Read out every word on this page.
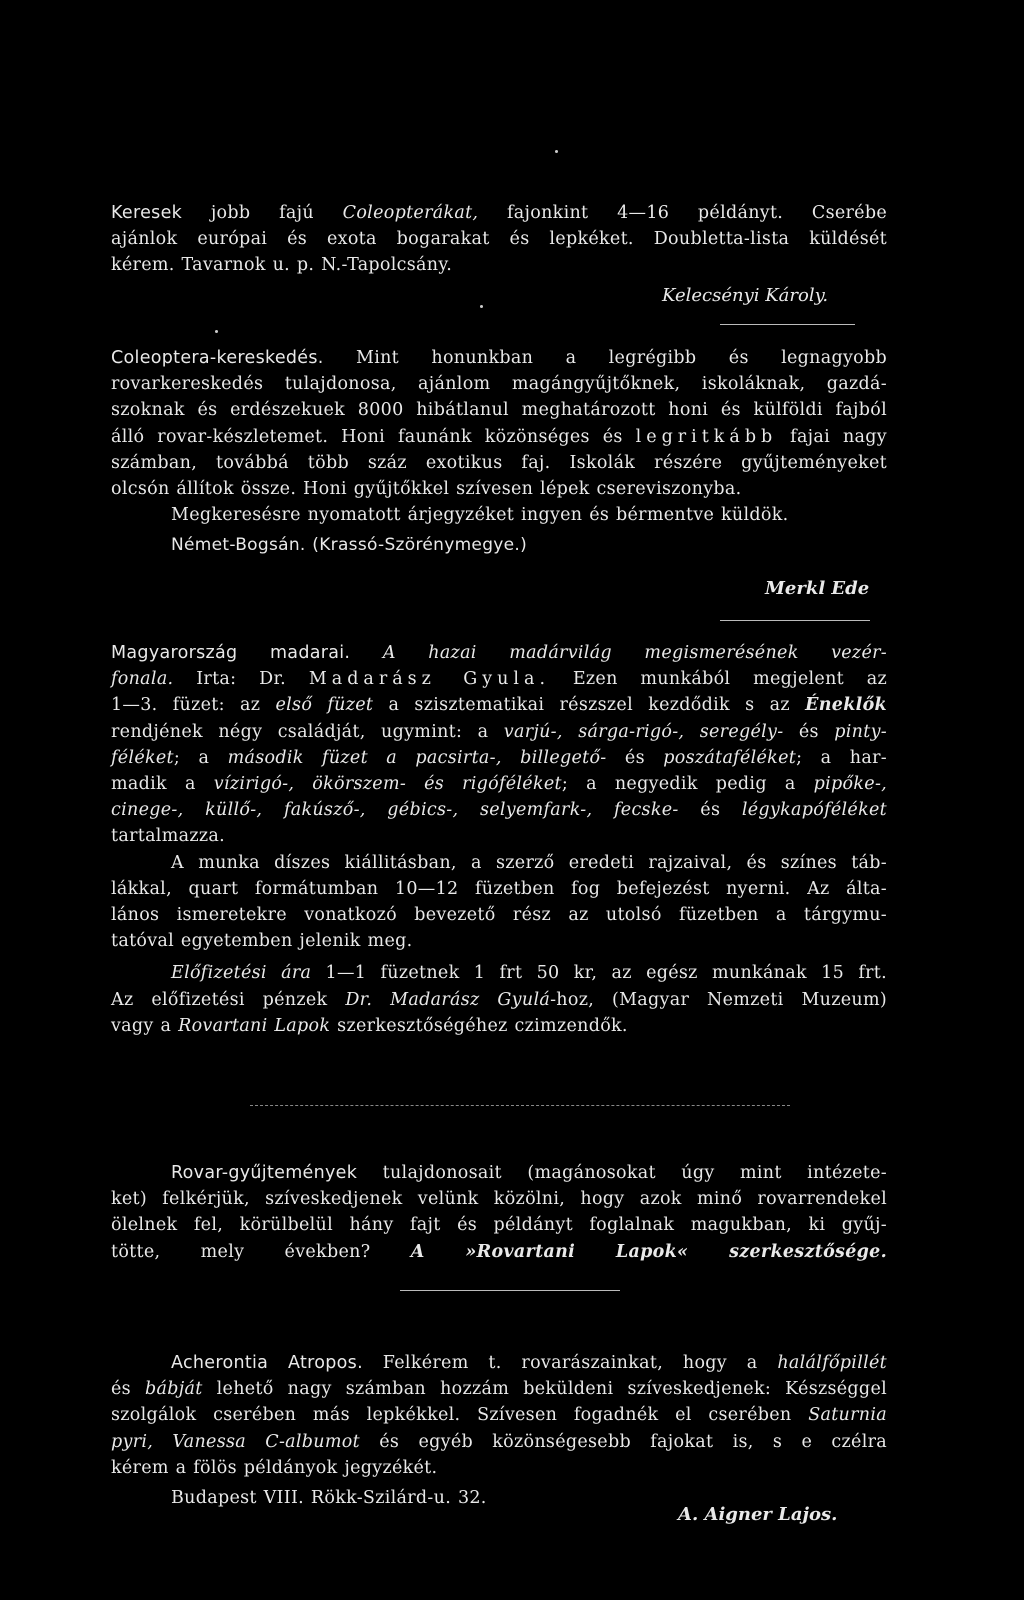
Keresek jobb fajú Coleopterákat, fajonkint 4—16 példányt. Cserébe

ajánlok európai és exota bogarakat és lepkéket. Doubletta-lista küldését

kérem. Tavarnok u. p. N.-Tapolcsány.

Kelecsényi Károly.

Coleoptera-kereskedés. Mint honunkban a legrégibb és legnagyobb

rovarkereskedés tulajdonosa, ajánlom magángyűjtőknek, iskoláknak, gazdá-

szoknak és erdészekuek 8000 hibátlanul meghatározott honi és külföldi fajból

álló rovar-készletemet. Honi faunánk közönséges és legritkább fajai nagy

számban, továbbá több száz exotikus faj. Iskolák részére gyűjteményeket

olcsón állítok össze. Honi gyűjtőkkel szívesen lépek csereviszonyba.

Megkeresésre nyomatott árjegyzéket ingyen és bérmentve küldök.

Német-Bogsán. (Krassó-Szörénymegye.)

Merkl Ede

Magyarország madarai. A hazai madárvilág megismerésének vezér-

fonala. Irta: Dr. Madarász Gyula. Ezen munkából megjelent az

1—3. füzet: az első füzet a szisztematikai részszel kezdődik s az Éneklők

rendjének négy családját, ugymint: a varjú-, sárga-rigó-, seregély- és pinty-

féléket; a második füzet a pacsirta-, billegető- és poszátaféléket; a har-

madik a vízirigó-, ökörszem- és rigóféléket; a negyedik pedig a pipőke-,

cinege-, küllő-, fakúsző-, gébics-, selyemfark-, fecske- és légykapóféléket

tartalmazza.

A munka díszes kiállitásban, a szerző eredeti rajzaival, és színes táb-

lákkal, quart formátumban 10—12 füzetben fog befejezést nyerni. Az álta-

lános ismeretekre vonatkozó bevezető rész az utolsó füzetben a tárgymu-

tatóval egyetemben jelenik meg.

Előfizetési ára 1—1 füzetnek 1 frt 50 kr, az egész munkának 15 frt.

Az előfizetési pénzek Dr. Madarász Gyulá-hoz, (Magyar Nemzeti Muzeum)

vagy a Rovartani Lapok szerkesztőségéhez czimzendők.

Rovar-gyűjtemények tulajdonosait (magánosokat úgy mint intézete-

ket) felkérjük, szíveskedjenek velünk közölni, hogy azok minő rovarrendekel

ölelnek fel, körülbelül hány fajt és példányt foglalnak magukban, ki gyűj-

tötte, mely években? A »Rovartani Lapok« szerkesztősége.

Acherontia Atropos. Felkérem t. rovarászainkat, hogy a halálfőpillét

és bábját lehető nagy számban hozzám beküldeni szíveskedjenek: Készséggel

szolgálok cserében más lepkékkel. Szívesen fogadnék el cserében Saturnia

pyri, Vanessa C-albumot és egyéb közönségesebb fajokat is, s e czélra

kérem a fölös példányok jegyzékét.

Budapest VIII. Rökk-Szilárd-u. 32.

A. Aigner Lajos.
